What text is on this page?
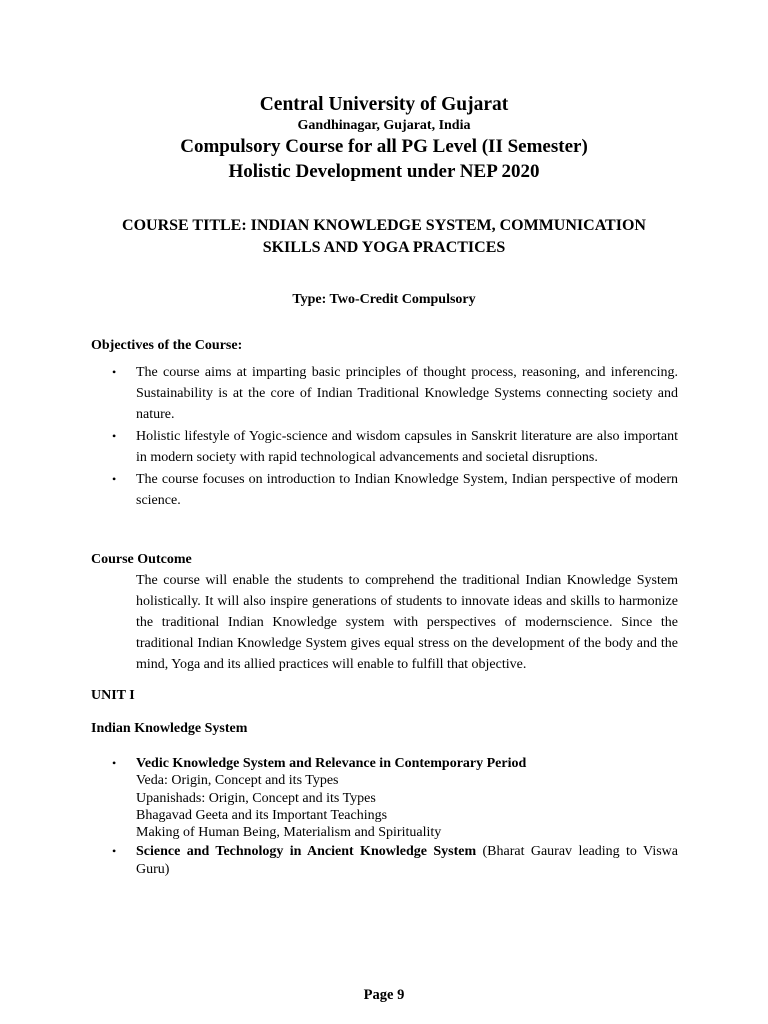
Central University of Gujarat
Gandhinagar, Gujarat, India
Compulsory Course for all PG Level (II Semester)
Holistic Development under NEP 2020
COURSE TITLE: INDIAN KNOWLEDGE SYSTEM, COMMUNICATION
SKILLS AND YOGA PRACTICES
Type: Two-Credit Compulsory
Objectives of the Course:
• The course aims at imparting basic principles of thought process, reasoning, and inferencing. Sustainability is at the core of Indian Traditional Knowledge Systems connecting society and nature.
• Holistic lifestyle of Yogic-science and wisdom capsules in Sanskrit literature are also important in modern society with rapid technological advancements and societal disruptions.
• The course focuses on introduction to Indian Knowledge System, Indian perspective of modern science.
Course Outcome
The course will enable the students to comprehend the traditional Indian Knowledge System holistically. It will also inspire generations of students to innovate ideas and skills to harmonize the traditional Indian Knowledge system with perspectives of modernscience. Since the traditional Indian Knowledge System gives equal stress on the development of the body and the mind, Yoga and its allied practices will enable to fulfill that objective.
UNIT I
Indian Knowledge System
• Vedic Knowledge System and Relevance in Contemporary Period
Veda: Origin, Concept and its Types
Upanishads: Origin, Concept and its Types
Bhagavad Geeta and its Important Teachings
Making of Human Being, Materialism and Spirituality
• Science and Technology in Ancient Knowledge System (Bharat Gaurav leading to Viswa Guru)
Page 9
